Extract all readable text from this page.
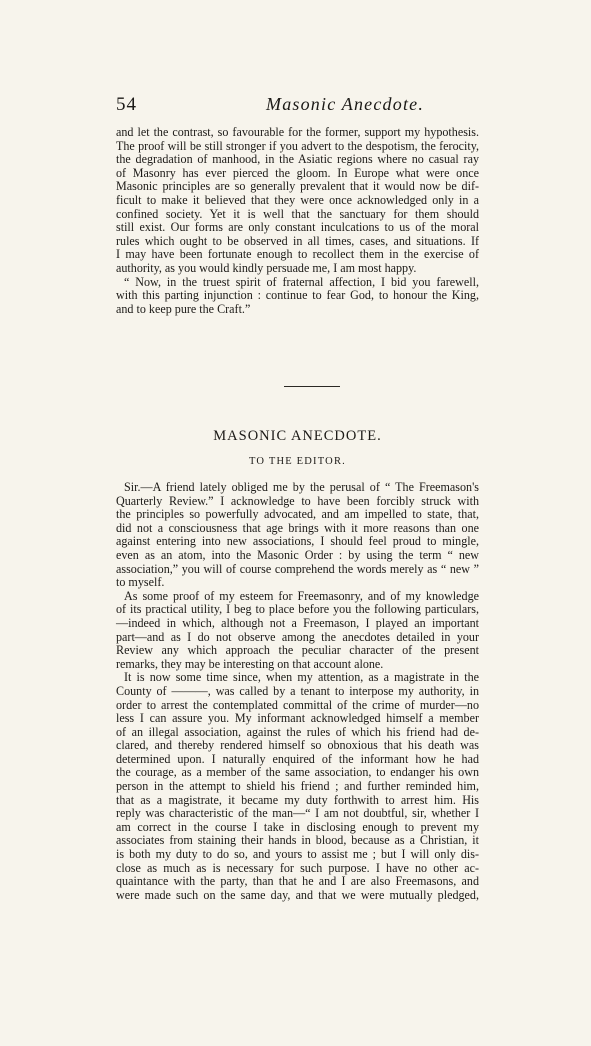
54	Masonic Anecdote.

and let the contrast, so favourable for the former, support my hypothesis.

The proof will be still stronger if you advert to the despotism, the ferocity,

the degradation of manhood, in the Asiatic regions where no casual ray

of Masonry has ever pierced the gloom. In Europe what were once

Masonic principles are so generally prevalent that it would now be dif-

ficult to make it believed that they were once acknowledged only in a

confined society. Yet it is well that the sanctuary for them should

still exist. Our forms are only constant inculcations to us of the moral

rules which ought to be observed in all times, cases, and situations. If

I may have been fortunate enough to recollect them in the exercise of

authority, as you would kindly persuade me, I am most happy.

“ Now, in the truest spirit of fraternal affection, I bid you farewell,

with this parting injunction : continue to fear God, to honour the King,

and to keep pure the Craft.”

MASONIC ANECDOTE.
TO THE EDITOR.

Sir.—A friend lately obliged me by the perusal of “ The Freemason's

Quarterly Review.” I acknowledge to have been forcibly struck with

the principles so powerfully advocated, and am impelled to state, that,

did not a consciousness that age brings with it more reasons than one

against entering into new associations, I should feel proud to mingle,

even as an atom, into the Masonic Order : by using the term “ new

association,” you will of course comprehend the words merely as “ new ”

to myself.

As some proof of my esteem for Freemasonry, and of my knowledge

of its practical utility, I beg to place before you the following particulars,

—indeed in which, although not a Freemason, I played an important

part—and as I do not observe among the anecdotes detailed in your

Review any which approach the peculiar character of the present

remarks, they may be interesting on that account alone.

It is now some time since, when my attention, as a magistrate in the

County of ———, was called by a tenant to interpose my authority, in

order to arrest the contemplated committal of the crime of murder—no

less I can assure you. My informant acknowledged himself a member

of an illegal association, against the rules of which his friend had de-

clared, and thereby rendered himself so obnoxious that his death was

determined upon. I naturally enquired of the informant how he had

the courage, as a member of the same association, to endanger his own

person in the attempt to shield his friend ; and further reminded him,

that as a magistrate, it became my duty forthwith to arrest him. His

reply was characteristic of the man—“ I am not doubtful, sir, whether I

am correct in the course I take in disclosing enough to prevent my

associates from staining their hands in blood, because as a Christian, it

is both my duty to do so, and yours to assist me ; but I will only dis-

close as much as is necessary for such purpose. I have no other ac-

quaintance with the party, than that he and I are also Freemasons, and

were made such on the same day, and that we were mutually pledged,
